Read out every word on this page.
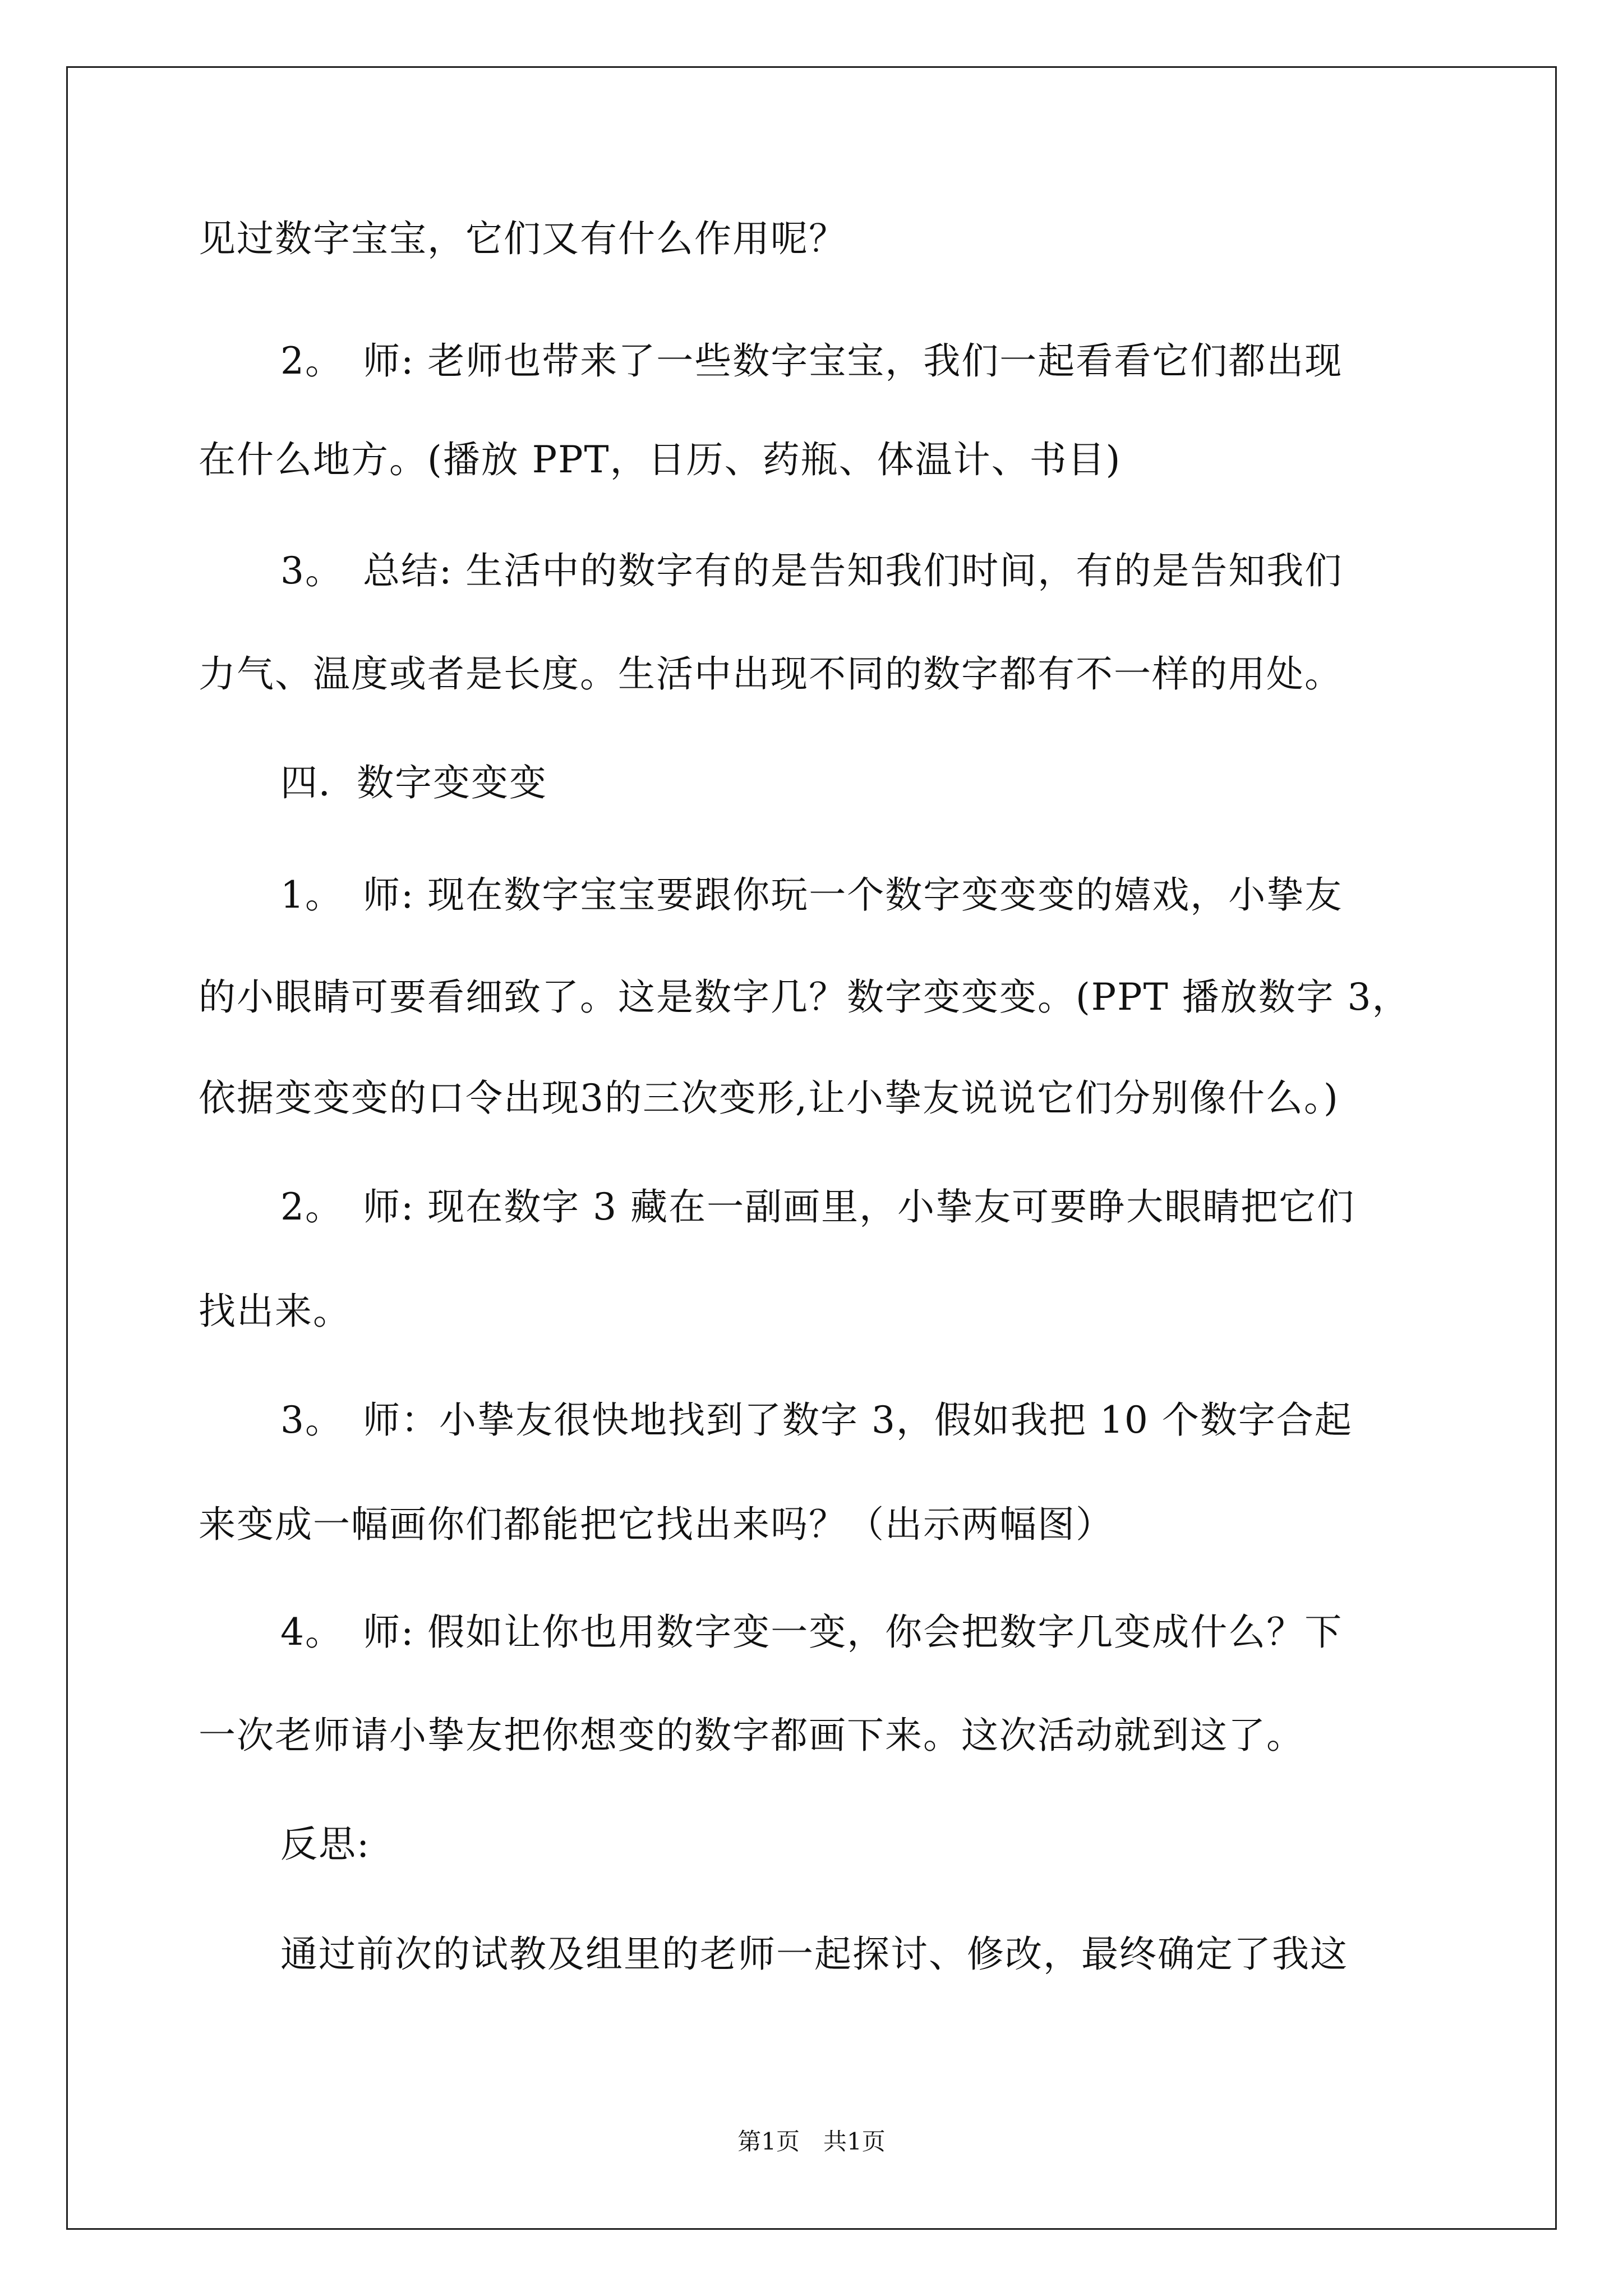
见过数字宝宝，它们又有什么作用呢？
2。　师: 老师也带来了一些数字宝宝，我们一起看看它们都出现
在什么地方。(播放 PPT，日历、药瓶、体温计、书目)
3。　总结: 生活中的数字有的是告知我们时间，有的是告知我们
力气、温度或者是长度。生活中出现不同的数字都有不一样的用处。
四．数字变变变
1。　师: 现在数字宝宝要跟你玩一个数字变变变的嬉戏，小挚友
的小眼睛可要看细致了。这是数字几？数字变变变。(PPT 播放数字 3，
依据变变变的口令出现3的三次变形,让小挚友说说它们分别像什么。)
2。　师: 现在数字 3 藏在一副画里，小挚友可要睁大眼睛把它们
找出来。
3。　师：小挚友很快地找到了数字 3，假如我把 10 个数字合起
来变成一幅画你们都能把它找出来吗？（出示两幅图）
4。　师: 假如让你也用数字变一变，你会把数字几变成什么？下
一次老师请小挚友把你想变的数字都画下来。这次活动就到这了。
反思:
通过前次的试教及组里的老师一起探讨、修改，最终确定了我这
第1页　共1页
